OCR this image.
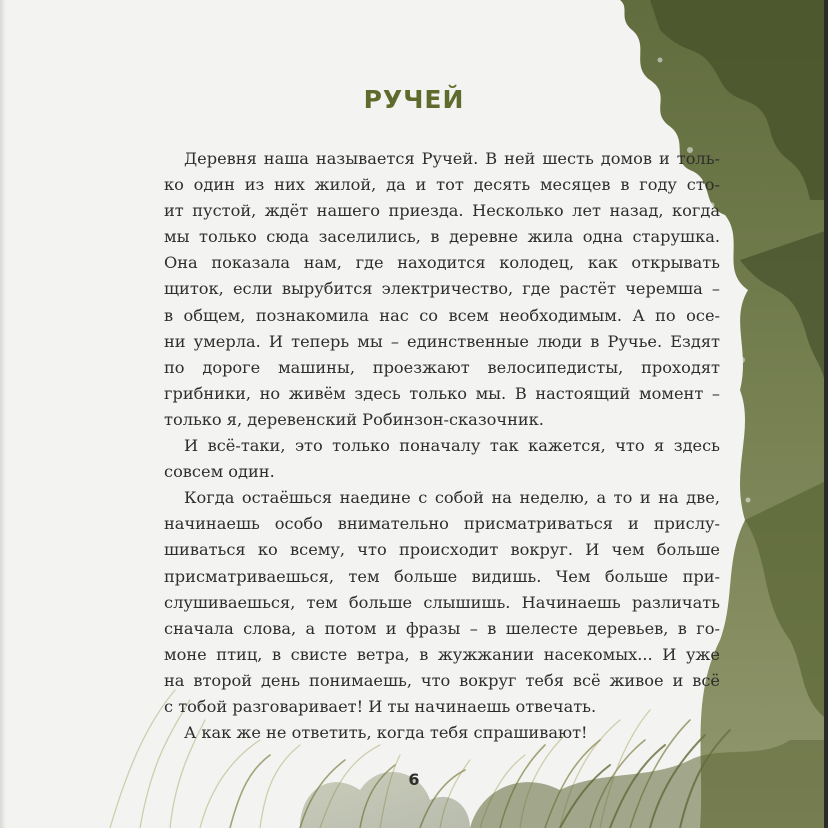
РУЧЕЙ
Деревня наша называется Ручей. В ней шесть домов и толь-
ко один из них жилой, да и тот десять месяцев в году сто-
ит пустой, ждёт нашего приезда. Несколько лет назад, когда
мы только сюда заселились, в деревне жила одна старушка.
Она показала нам, где находится колодец, как открывать
щиток, если вырубится электричество, где растёт черемша –
в общем, познакомила нас со всем необходимым. А по осе-
ни умерла. И теперь мы – единственные люди в Ручье. Ездят
по дороге машины, проезжают велосипедисты, проходят
грибники, но живём здесь только мы. В настоящий момент –
только я, деревенский Робинзон-сказочник.
И всё-таки, это только поначалу так кажется, что я здесь
совсем один.
Когда остаёшься наедине с собой на неделю, а то и на две,
начинаешь особо внимательно присматриваться и прислу-
шиваться ко всему, что происходит вокруг. И чем больше
присматриваешься, тем больше видишь. Чем больше при-
слушиваешься, тем больше слышишь. Начинаешь различать
сначала слова, а потом и фразы – в шелесте деревьев, в го-
моне птиц, в свисте ветра, в жужжании насекомых... И уже
на второй день понимаешь, что вокруг тебя всё живое и всё
с тобой разговаривает! И ты начинаешь отвечать.
А как же не ответить, когда тебя спрашивают!
6
